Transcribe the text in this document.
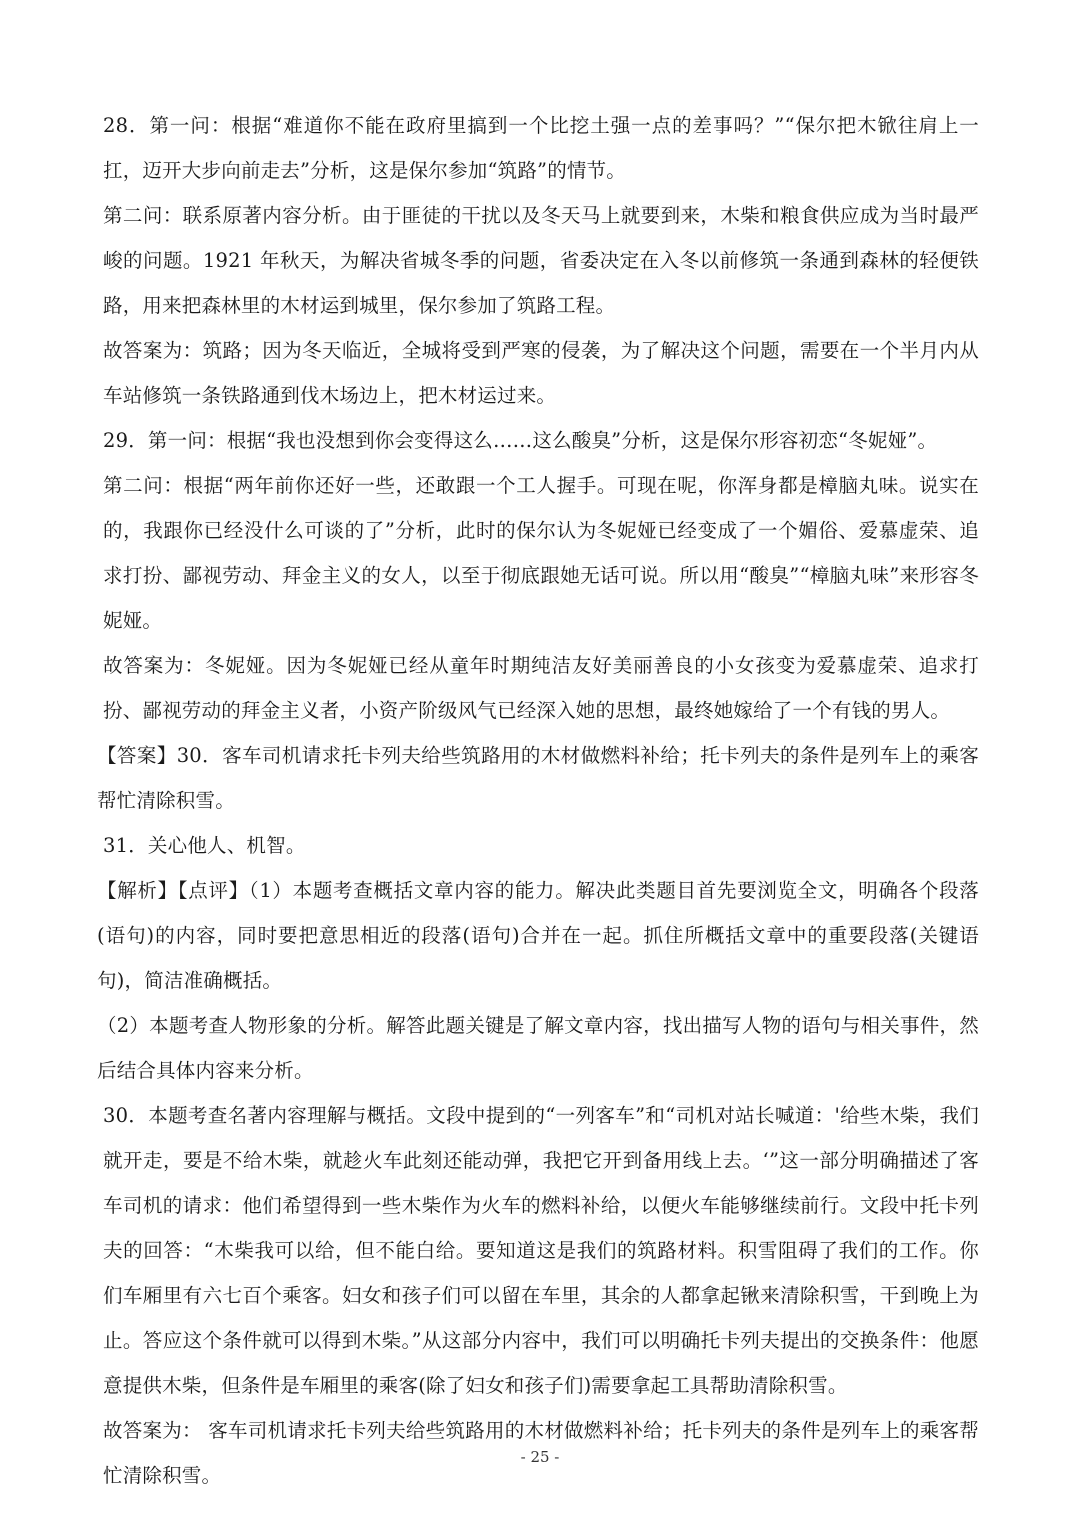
28．第一问：根据“难道你不能在政府里搞到一个比挖土强一点的差事吗？”“保尔把木锨往肩上一扛，迈开大步向前走去”分析，这是保尔参加“筑路”的情节。

第二问：联系原著内容分析。由于匪徒的干扰以及冬天马上就要到来，木柴和粮食供应成为当时最严峻的问题。1921 年秋天，为解决省城冬季的问题，省委决定在入冬以前修筑一条通到森林的轻便铁路，用来把森林里的木材运到城里，保尔参加了筑路工程。

故答案为：筑路；因为冬天临近，全城将受到严寒的侵袭，为了解决这个问题，需要在一个半月内从车站修筑一条铁路通到伐木场边上，把木材运过来。

29．第一问：根据“我也没想到你会变得这么……这么酸臭”分析，这是保尔形容初恋“冬妮娅”。

第二问：根据“两年前你还好一些，还敢跟一个工人握手。可现在呢，你浑身都是樟脑丸味。说实在的，我跟你已经没什么可谈的了”分析，此时的保尔认为冬妮娅已经变成了一个媚俗、爱慕虚荣、追求打扮、鄙视劳动、拜金主义的女人，以至于彻底跟她无话可说。所以用“酸臭”“樟脑丸味”来形容冬妮娅。

故答案为：冬妮娅。因为冬妮娅已经从童年时期纯洁友好美丽善良的小女孩变为爱慕虚荣、追求打扮、鄙视劳动的拜金主义者，小资产阶级风气已经深入她的思想，最终她嫁给了一个有钱的男人。

【答案】30．客车司机请求托卡列夫给些筑路用的木材做燃料补给；托卡列夫的条件是列车上的乘客帮忙清除积雪。

31．关心他人、机智。

【解析】【点评】（1）本题考查概括文章内容的能力。解决此类题目首先要浏览全文，明确各个段落(语句)的内容，同时要把意思相近的段落(语句)合并在一起。抓住所概括文章中的重要段落(关键语句)，简洁准确概括。

（2）本题考查人物形象的分析。解答此题关键是了解文章内容，找出描写人物的语句与相关事件，然后结合具体内容来分析。

30．本题考查名著内容理解与概括。文段中提到的“一列客车”和“司机对站长喊道：'给些木柴，我们就开走，要是不给木柴，就趁火车此刻还能动弹，我把它开到备用线上去。‘”这一部分明确描述了客车司机的请求：他们希望得到一些木柴作为火车的燃料补给，以便火车能够继续前行。文段中托卡列夫的回答：“木柴我可以给，但不能白给。要知道这是我们的筑路材料。积雪阻碍了我们的工作。你们车厢里有六七百个乘客。妇女和孩子们可以留在车里，其余的人都拿起锹来清除积雪，干到晚上为止。答应这个条件就可以得到木柴。”从这部分内容中，我们可以明确托卡列夫提出的交换条件：他愿意提供木柴，但条件是车厢里的乘客(除了妇女和孩子们)需要拿起工具帮助清除积雪。

故答案为： 客车司机请求托卡列夫给些筑路用的木材做燃料补给；托卡列夫的条件是列车上的乘客帮忙清除积雪。

- 25 -
